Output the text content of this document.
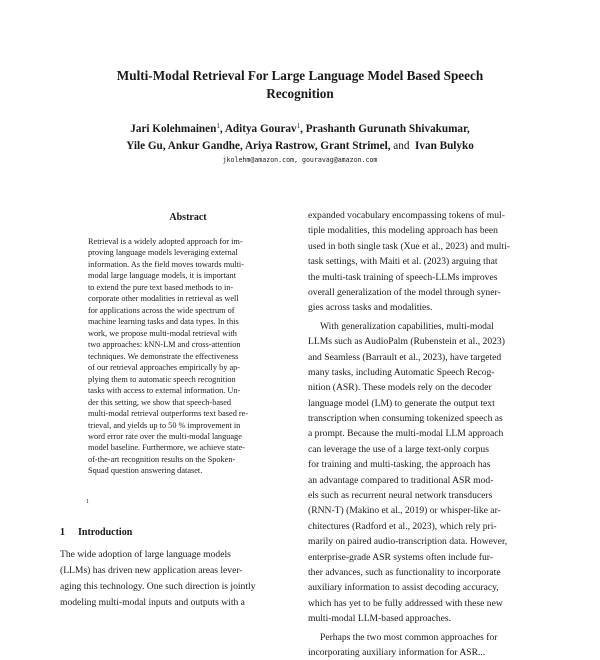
Multi-Modal Retrieval For Large Language Model Based Speech
Recognition
Jari Kolehmainen$^1$, Aditya Gourav$^1$, Prashanth Gurunath Shivakumar,
Yile Gu, Ankur Gandhe, Ariya Rastrow, Grant Strimel, and Ivan Bulyko
jkolehm@amazon.com, gouravag@amazon.com
Abstract
Retrieval is a widely adopted approach for im-
proving language models leveraging external
information. As the field moves towards multi-
modal large language models, it is important
to extend the pure text based methods to in-
corporate other modalities in retrieval as well
for applications across the wide spectrum of
machine learning tasks and data types. In this
work, we propose multi-modal retrieval with
two approaches: kNN-LM and cross-attention
techniques. We demonstrate the effectiveness
of our retrieval approaches empirically by ap-
plying them to automatic speech recognition
tasks with access to external information. Un-
der this setting, we show that speech-based
multi-modal retrieval outperforms text based re-
trieval, and yields up to 50 % improvement in
word error rate over the multi-modal language
model baseline. Furthermore, we achieve state-
of-the-art recognition results on the Spoken-
Squad question answering dataset.
1
1 Introduction
The wide adoption of large language models
(LLMs) has driven new application areas lever-
aging this technology. One such direction is jointly
modeling multi-modal inputs and outputs with a
expanded vocabulary encompassing tokens of mul-
tiple modalities, this modeling approach has been
used in both single task (Xue et al., 2023) and multi-
task settings, with Maiti et al. (2023) arguing that
the multi-task training of speech-LLMs improves
overall generalization of the model through syner-
gies across tasks and modalities.
With generalization capabilities, multi-modal
LLMs such as AudioPalm (Rubenstein et al., 2023)
and Seamless (Barrault et al., 2023), have targeted
many tasks, including Automatic Speech Recog-
nition (ASR). These models rely on the decoder
language model (LM) to generate the output text
transcription when consuming tokenized speech as
a prompt. Because the multi-modal LLM approach
can leverage the use of a large text-only corpus
for training and multi-tasking, the approach has
an advantage compared to traditional ASR mod-
els such as recurrent neural network transducers
(RNN-T) (Makino et al., 2019) or whisper-like ar-
chitectures (Radford et al., 2023), which rely pri-
marily on paired audio-transcription data. However,
enterprise-grade ASR systems often include fur-
ther advances, such as functionality to incorporate
auxiliary information to assist decoding accuracy,
which has yet to be fully addressed with these new
multi-modal LLM-based approaches.
Perhaps the two most common approaches for
incorporating auxiliary information for ASR...
